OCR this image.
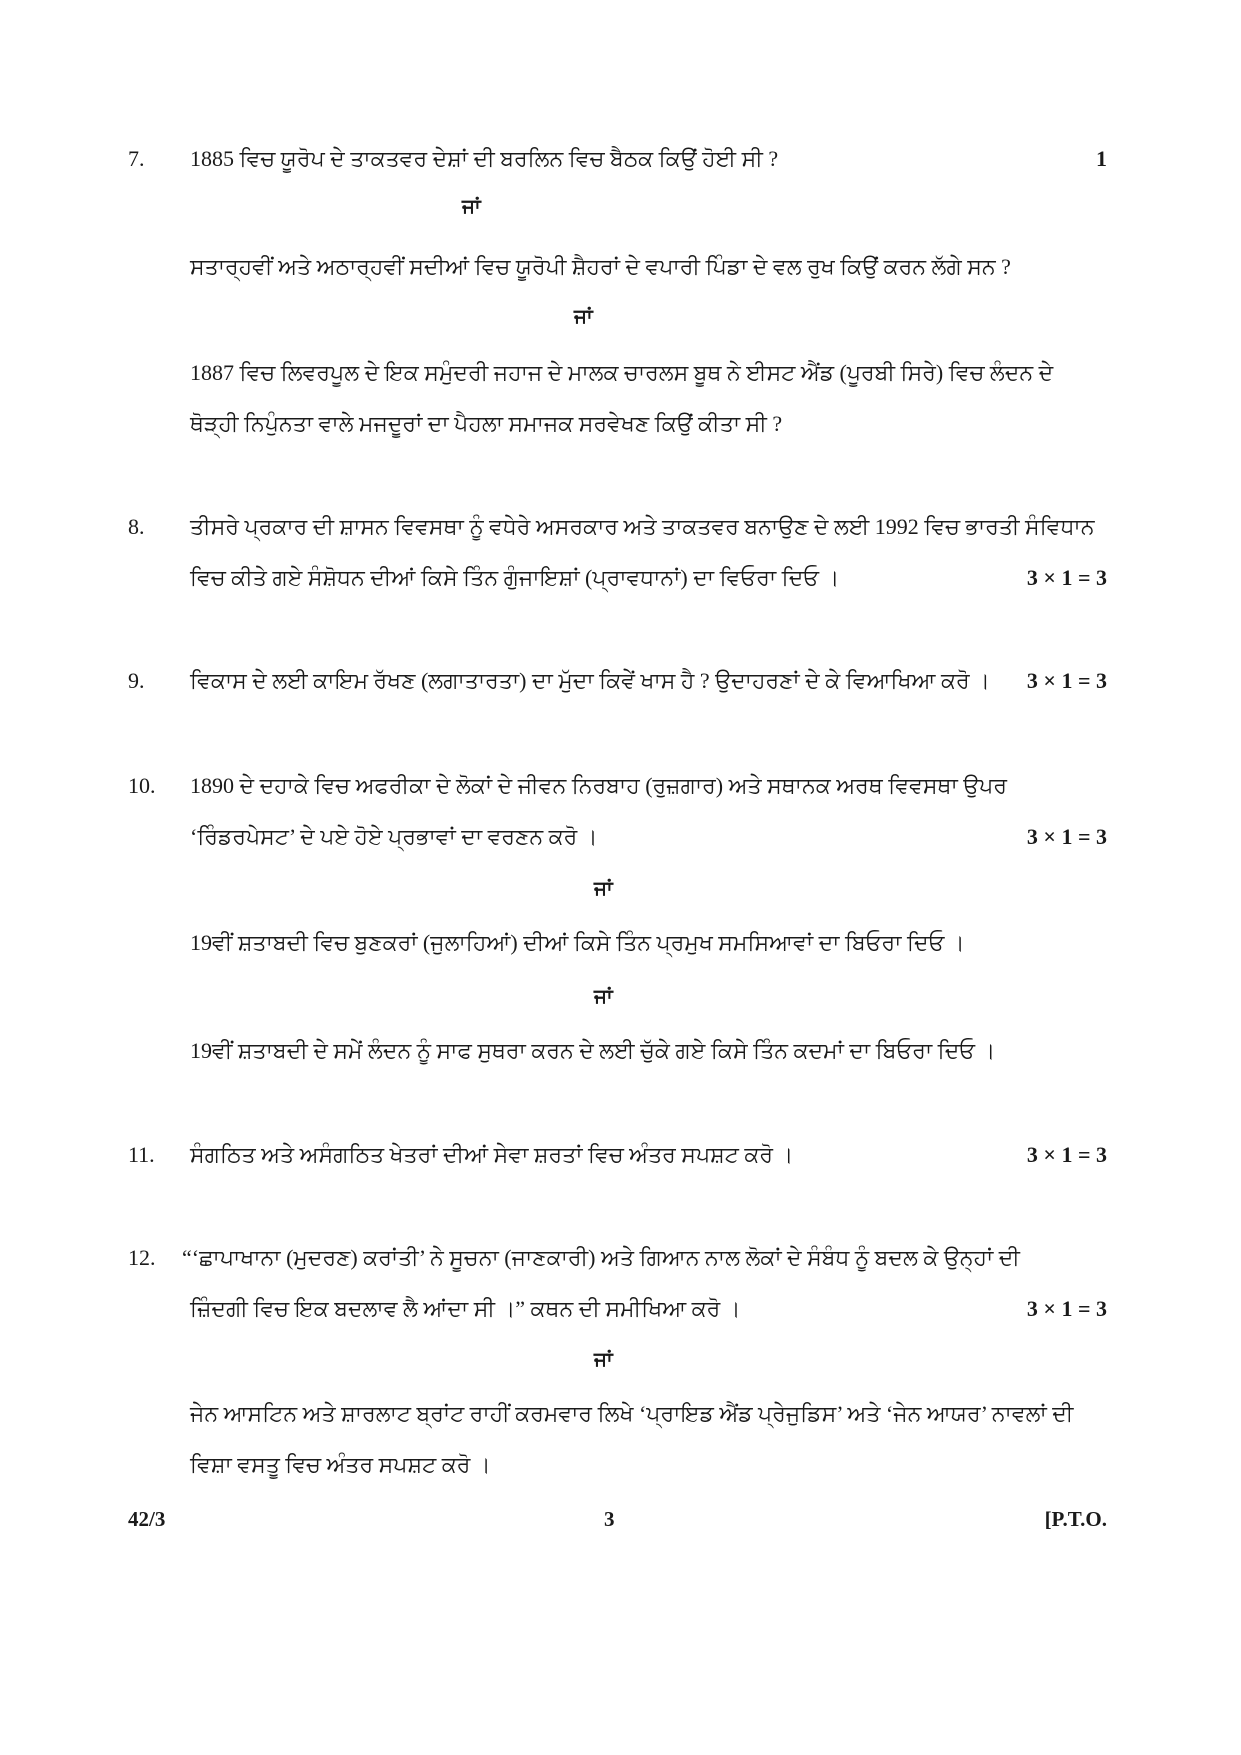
7. 1885 ਵਿਚ ਯੂਰੋਪ ਦੇ ਤਾਕਤਵਰ ਦੇਸ਼ਾਂ ਦੀ ਬਰਲਿਨ ਵਿਚ ਬੈਠਕ ਕਿਉਂ ਹੋਈ ਸੀ ?	1
ਜਾਂ
ਸਤਾਰ੍ਹਵੀਂ ਅਤੇ ਅਠਾਰ੍ਹਵੀਂ ਸਦੀਆਂ ਵਿਚ ਯੂਰੋਪੀ ਸ਼ੈਹਰਾਂ ਦੇ ਵਪਾਰੀ ਪਿੰਡਾ ਦੇ ਵਲ ਰੁਖ ਕਿਉਂ ਕਰਨ ਲੱਗੇ ਸਨ ?
ਜਾਂ
1887 ਵਿਚ ਲਿਵਰਪੂਲ ਦੇ ਇਕ ਸਮੁੰਦਰੀ ਜਹਾਜ ਦੇ ਮਾਲਕ ਚਾਰਲਸ ਬੂਥ ਨੇ ਈਸਟ ਐਂਡ (ਪੂਰਬੀ ਸਿਰੇ) ਵਿਚ ਲੰਦਨ ਦੇ
ਥੋੜ੍ਹੀ ਨਿਪੁੰਨਤਾ ਵਾਲੇ ਮਜਦੂਰਾਂ ਦਾ ਪੈਹਲਾ ਸਮਾਜਕ ਸਰਵੇਖਣ ਕਿਉਂ ਕੀਤਾ ਸੀ ?
8. ਤੀਸਰੇ ਪ੍ਰਕਾਰ ਦੀ ਸ਼ਾਸਨ ਵਿਵਸਥਾ ਨੂੰ ਵਧੇਰੇ ਅਸਰਕਾਰ ਅਤੇ ਤਾਕਤਵਰ ਬਨਾਉਣ ਦੇ ਲਈ 1992 ਵਿਚ ਭਾਰਤੀ ਸੰਵਿਧਾਨ
ਵਿਚ ਕੀਤੇ ਗਏ ਸੰਸ਼ੋਧਨ ਦੀਆਂ ਕਿਸੇ ਤਿੰਨ ਗੁੰਜਾਇਸ਼ਾਂ (ਪ੍ਰਾਵਧਾਨਾਂ) ਦਾ ਵਿਓਰਾ ਦਿਓ ।	3 × 1 = 3
9. ਵਿਕਾਸ ਦੇ ਲਈ ਕਾਇਮ ਰੱਖਣ (ਲਗਾਤਾਰਤਾ) ਦਾ ਮੁੱਦਾ ਕਿਵੇਂ ਖਾਸ ਹੈ ? ਉਦਾਹਰਣਾਂ ਦੇ ਕੇ ਵਿਆਖਿਆ ਕਰੋ । 3 × 1 = 3
10. 1890 ਦੇ ਦਹਾਕੇ ਵਿਚ ਅਫਰੀਕਾ ਦੇ ਲੋਕਾਂ ਦੇ ਜੀਵਨ ਨਿਰਬਾਹ (ਰੁਜ਼ਗਾਰ) ਅਤੇ ਸਥਾਨਕ ਅਰਥ ਵਿਵਸਥਾ ਉਪਰ
‘ਰਿੰਡਰਪੇਸਟ’ ਦੇ ਪਏ ਹੋਏ ਪ੍ਰਭਾਵਾਂ ਦਾ ਵਰਣਨ ਕਰੋ ।	3 × 1 = 3
ਜਾਂ
19ਵੀਂ ਸ਼ਤਾਬਦੀ ਵਿਚ ਬੁਣਕਰਾਂ (ਜੁਲਾਹਿਆਂ) ਦੀਆਂ ਕਿਸੇ ਤਿੰਨ ਪ੍ਰਮੁਖ ਸਮਸਿਆਵਾਂ ਦਾ ਬਿਓਰਾ ਦਿਓ ।
ਜਾਂ
19ਵੀਂ ਸ਼ਤਾਬਦੀ ਦੇ ਸਮੇਂ ਲੰਦਨ ਨੂੰ ਸਾਫ ਸੁਥਰਾ ਕਰਨ ਦੇ ਲਈ ਚੁੱਕੇ ਗਏ ਕਿਸੇ ਤਿੰਨ ਕਦਮਾਂ ਦਾ ਬਿਓਰਾ ਦਿਓ ।
11. ਸੰਗਠਿਤ ਅਤੇ ਅਸੰਗਠਿਤ ਖੇਤਰਾਂ ਦੀਆਂ ਸੇਵਾ ਸ਼ਰਤਾਂ ਵਿਚ ਅੰਤਰ ਸਪਸ਼ਟ ਕਰੋ ।	3 × 1 = 3
12. “‘ਛਾਪਾਖਾਨਾ (ਮੁਦਰਣ) ਕਰਾਂਤੀ’ ਨੇ ਸੂਚਨਾ (ਜਾਣਕਾਰੀ) ਅਤੇ ਗਿਆਨ ਨਾਲ ਲੋਕਾਂ ਦੇ ਸੰਬੰਧ ਨੂੰ ਬਦਲ ਕੇ ਉਨ੍ਹਾਂ ਦੀ
ਜ਼ਿੰਦਗੀ ਵਿਚ ਇਕ ਬਦਲਾਵ ਲੈ ਆਂਦਾ ਸੀ ।” ਕਥਨ ਦੀ ਸਮੀਖਿਆ ਕਰੋ ।	3 × 1 = 3
ਜਾਂ
ਜੇਨ ਆਸਟਿਨ ਅਤੇ ਸ਼ਾਰਲਾਟ ਬ੍ਰਾਂਟ ਰਾਹੀਂ ਕਰਮਵਾਰ ਲਿਖੇ ‘ਪ੍ਰਾਇਡ ਐਂਡ ਪ੍ਰੇਜੁਡਿਸ’ ਅਤੇ ‘ਜੇਨ ਆਯਰ’ ਨਾਵਲਾਂ ਦੀ
ਵਿਸ਼ਾ ਵਸਤੂ ਵਿਚ ਅੰਤਰ ਸਪਸ਼ਟ ਕਰੋ ।
42/3	3	[P.T.O.
